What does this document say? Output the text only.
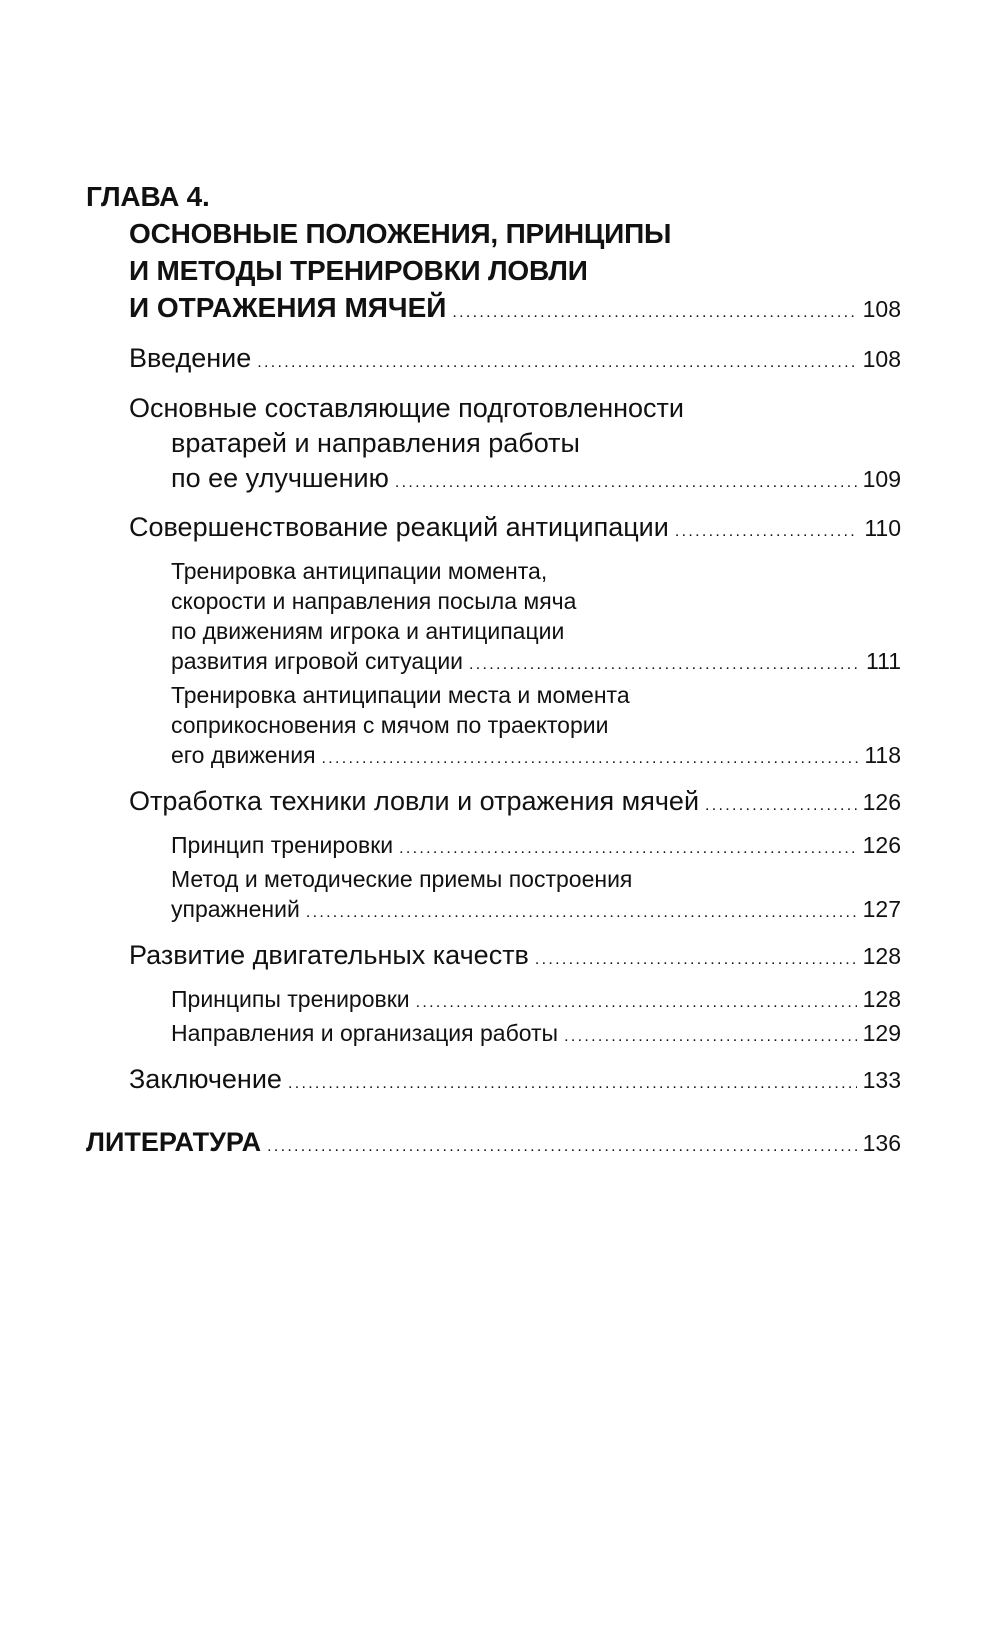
ГЛАВА 4.
ОСНОВНЫЕ ПОЛОЖЕНИЯ, ПРИНЦИПЫ
И МЕТОДЫ ТРЕНИРОВКИ ЛОВЛИ
И ОТРАЖЕНИЯ МЯЧЕЙ .....	108
Введение .....	108
Основные составляющие подготовленности
вратарей и направления работы
по ее улучшению .....	109
Совершенствование реакций антиципации .....	110
Тренировка антиципации момента,
скорости и направления посыла мяча
по движениям игрока и антиципации
развития игровой ситуации .....	111
Тренировка антиципации места и момента
соприкосновения с мячом по траектории
его движения .....	118
Отработка техники ловли и отражения мячей .....	126
Принцип тренировки .....	126
Метод и методические приемы построения
упражнений .....	127
Развитие двигательных качеств .....	128
Принципы тренировки .....	128
Направления и организация работы .....	129
Заключение .....	133
ЛИТЕРАТУРА .....	136
